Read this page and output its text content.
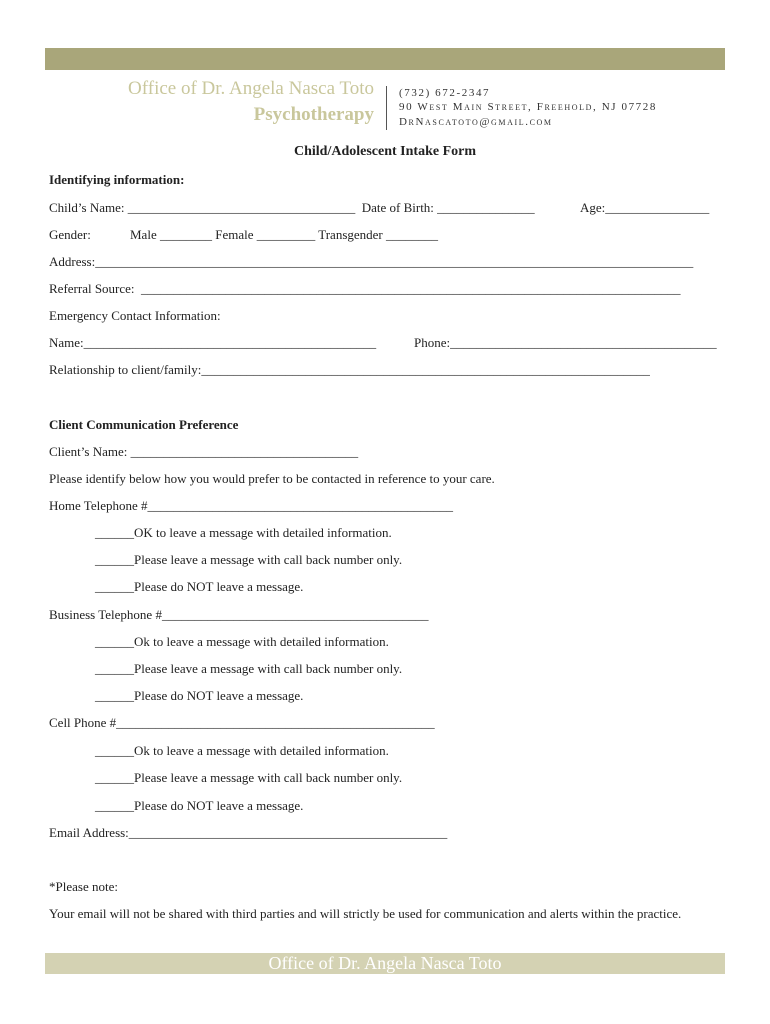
Office of Dr. Angela Nasca Toto
Psychotherapy
(732) 672-2347
90 West Main Street, Freehold, NJ 07728
DrNascatoto@gmail.com
Child/Adolescent Intake Form
Identifying information:
Child’s Name: ___________________________________  Date of Birth: _______________	Age:________________
Gender:	Male ________ Female _________ Transgender ________
Address:____________________________________________________________________________________________
Referral Source:  ___________________________________________________________________________________
Emergency Contact Information:
Name:_____________________________________________	Phone:_________________________________________
Relationship to client/family:_____________________________________________________________________
Client Communication Preference
Client’s Name: ___________________________________
Please identify below how you would prefer to be contacted in reference to your care.
Home Telephone #_______________________________________________
______OK to leave a message with detailed information.
______Please leave a message with call back number only.
______Please do NOT leave a message.
Business Telephone #_________________________________________
______Ok to leave a message with detailed information.
______Please leave a message with call back number only.
______Please do NOT leave a message.
Cell Phone #_________________________________________________
______Ok to leave a message with detailed information.
______Please leave a message with call back number only.
______Please do NOT leave a message.
Email Address:_________________________________________________
*Please note:
Your email will not be shared with third parties and will strictly be used for communication and alerts within the practice.
Office of Dr. Angela Nasca Toto
